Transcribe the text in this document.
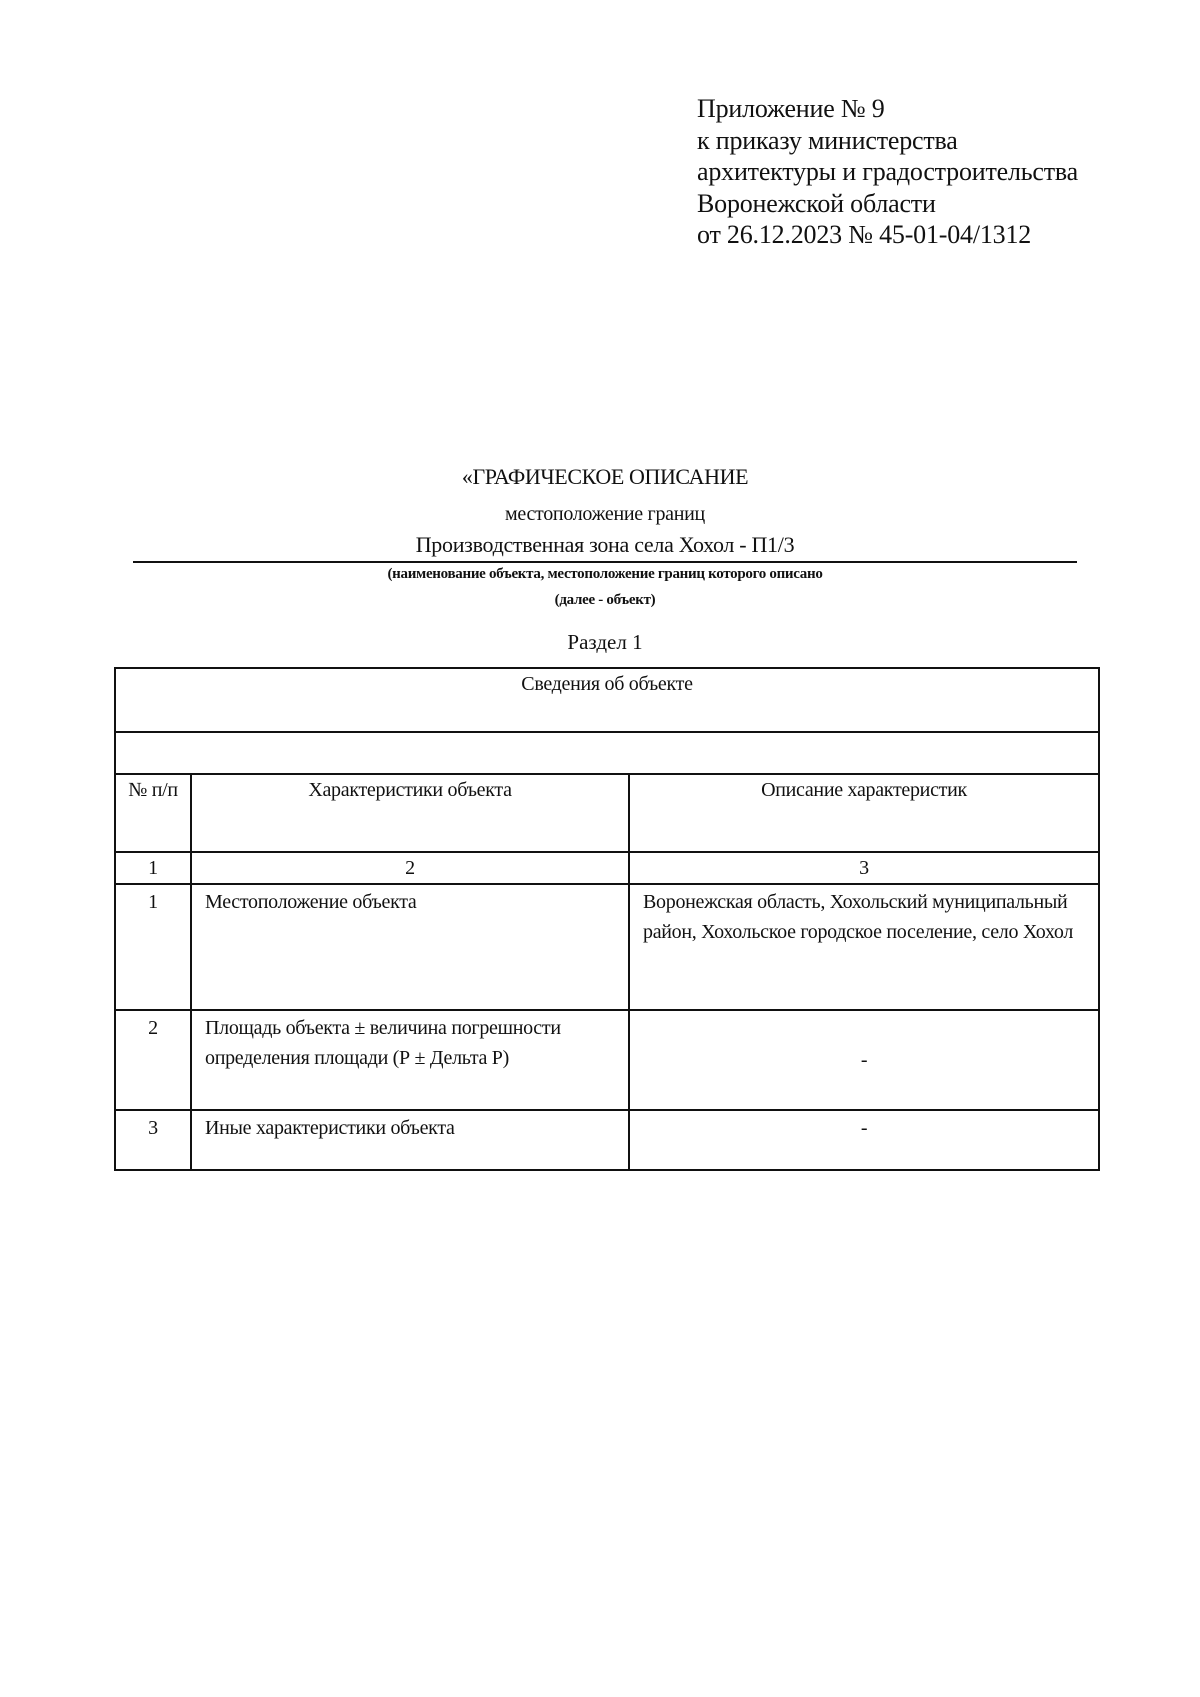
Приложение № 9
к приказу министерства
архитектуры и градостроительства
Воронежской области
от 26.12.2023 № 45-01-04/1312
«ГРАФИЧЕСКОЕ ОПИСАНИЕ
местоположение границ
Производственная зона села Хохол - П1/3
(наименование объекта, местоположение границ которого описано
(далее - объект)
Раздел 1
Сведения об объекте		

№ п/п	Характеристики объекта	Описание характеристик
1	2	3
1	Местоположение объекта	Воронежская область, Хохольский муниципальный район, Хохольское городское поселение, село Хохол
2	Площадь объекта ± величина погрешности определения площади (Р ± Дельта Р)	-
3	Иные характеристики объекта	-
